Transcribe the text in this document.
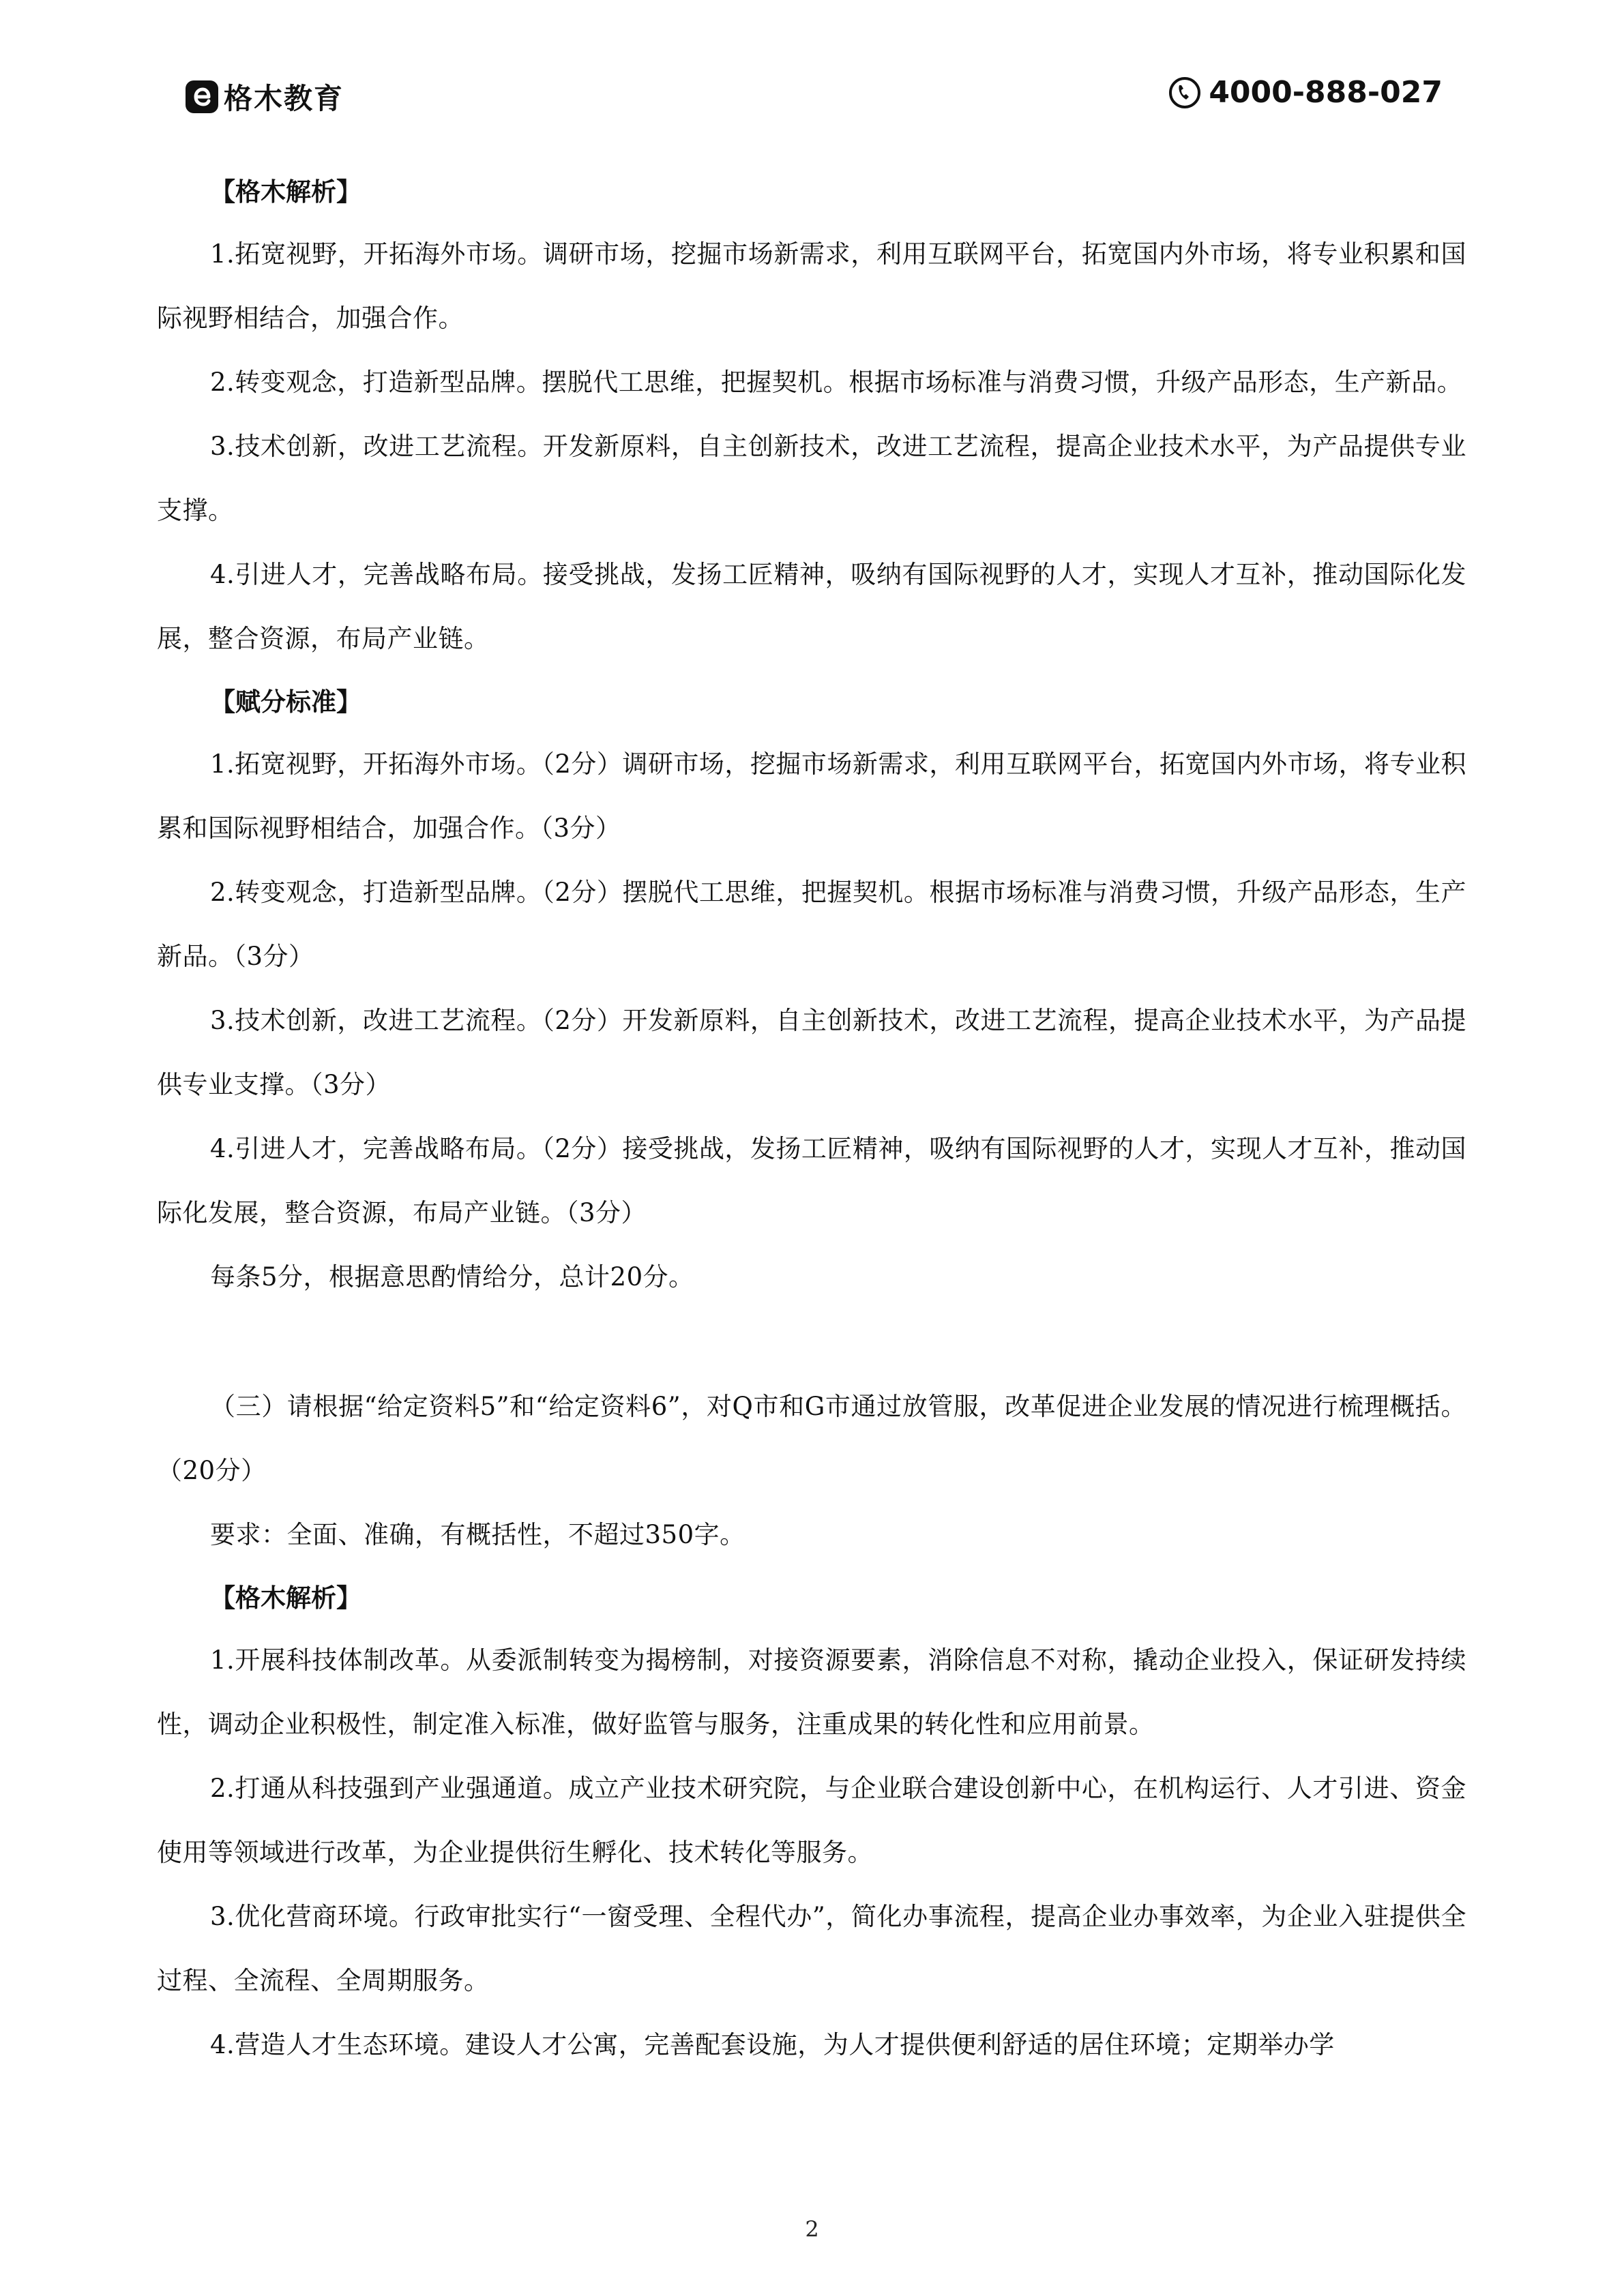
格木教育	4000-888-027
【格木解析】
1.拓宽视野，开拓海外市场。调研市场，挖掘市场新需求，利用互联网平台，拓宽国内外市场，将专业积累和国际视野相结合，加强合作。
2.转变观念，打造新型品牌。摆脱代工思维，把握契机。根据市场标准与消费习惯，升级产品形态，生产新品。
3.技术创新，改进工艺流程。开发新原料，自主创新技术，改进工艺流程，提高企业技术水平，为产品提供专业支撑。
4.引进人才，完善战略布局。接受挑战，发扬工匠精神，吸纳有国际视野的人才，实现人才互补，推动国际化发展，整合资源，布局产业链。
【赋分标准】
1.拓宽视野，开拓海外市场。（2分）调研市场，挖掘市场新需求，利用互联网平台，拓宽国内外市场，将专业积累和国际视野相结合，加强合作。（3分）
2.转变观念，打造新型品牌。（2分）摆脱代工思维，把握契机。根据市场标准与消费习惯，升级产品形态，生产新品。（3分）
3.技术创新，改进工艺流程。（2分）开发新原料，自主创新技术，改进工艺流程，提高企业技术水平，为产品提供专业支撑。（3分）
4.引进人才，完善战略布局。（2分）接受挑战，发扬工匠精神，吸纳有国际视野的人才，实现人才互补，推动国际化发展，整合资源，布局产业链。（3分）
每条5分，根据意思酌情给分，总计20分。
（三）请根据“给定资料5”和“给定资料6”，对Q市和G市通过放管服，改革促进企业发展的情况进行梳理概括。（20分）
要求：全面、准确，有概括性，不超过350字。
【格木解析】
1.开展科技体制改革。从委派制转变为揭榜制，对接资源要素，消除信息不对称，撬动企业投入，保证研发持续性，调动企业积极性，制定准入标准，做好监管与服务，注重成果的转化性和应用前景。
2.打通从科技强到产业强通道。成立产业技术研究院，与企业联合建设创新中心，在机构运行、人才引进、资金使用等领域进行改革，为企业提供衍生孵化、技术转化等服务。
3.优化营商环境。行政审批实行“一窗受理、全程代办”，简化办事流程，提高企业办事效率，为企业入驻提供全过程、全流程、全周期服务。
4.营造人才生态环境。建设人才公寓，完善配套设施，为人才提供便利舒适的居住环境；定期举办学
2
